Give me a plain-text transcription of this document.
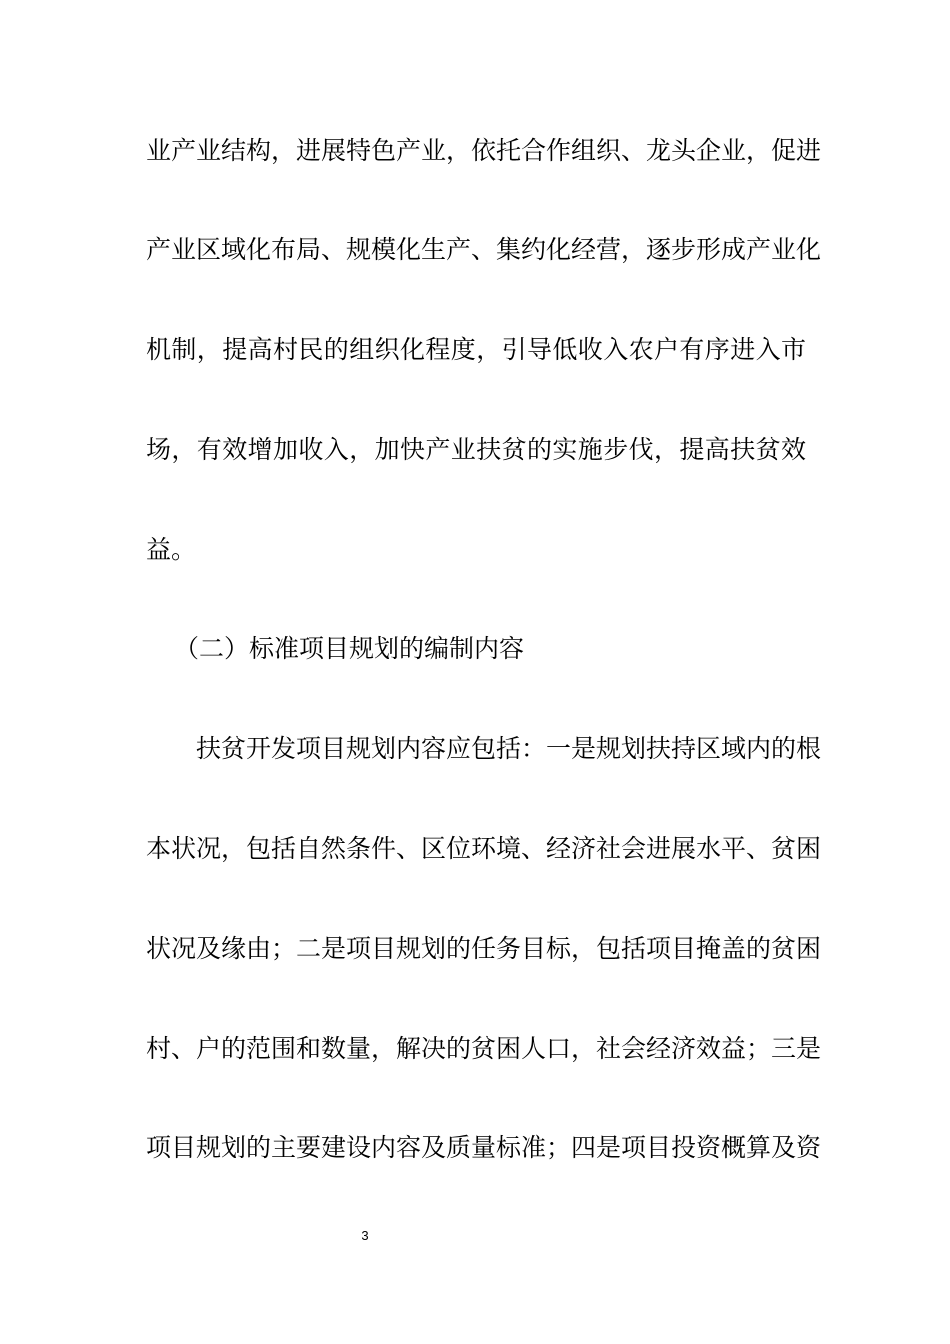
业产业结构，进展特色产业，依托合作组织、龙头企业，促进
产业区域化布局、规模化生产、集约化经营，逐步形成产业化
机制，提高村民的组织化程度，引导低收入农户有序进入市
场，有效增加收入，加快产业扶贫的实施步伐，提高扶贫效
益。
（二）标准项目规划的编制内容
扶贫开发项目规划内容应包括：一是规划扶持区域内的根
本状况，包括自然条件、区位环境、经济社会进展水平、贫困
状况及缘由；二是项目规划的任务目标，包括项目掩盖的贫困
村、户的范围和数量，解决的贫困人口，社会经济效益；三是
项目规划的主要建设内容及质量标准；四是项目投资概算及资
3
